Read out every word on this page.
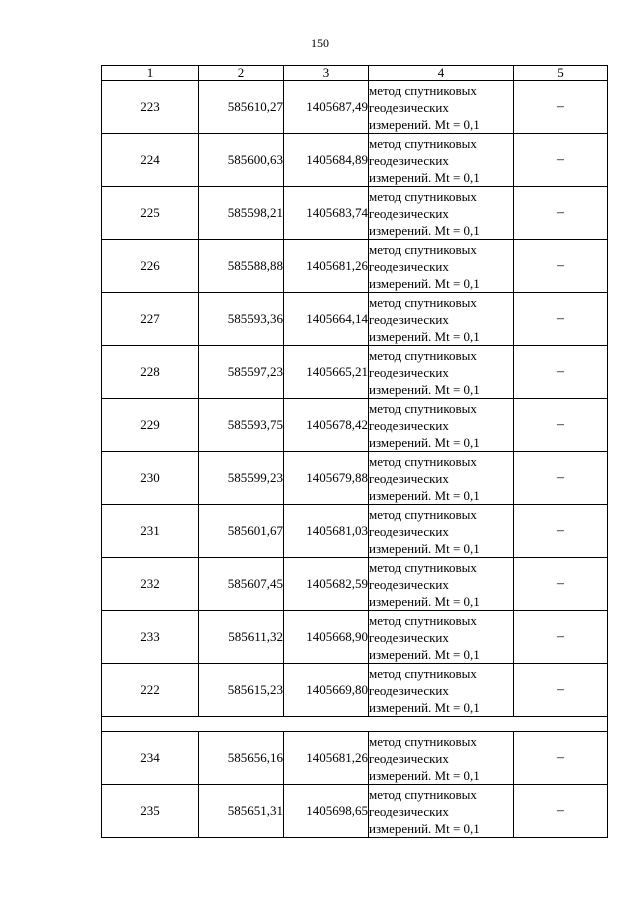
150
1	2	3	4	5
223	585610,27	1405687,49	метод спутниковых геодезических измерений. Mt = 0,1	–
224	585600,63	1405684,89	метод спутниковых геодезических измерений. Mt = 0,1	–
225	585598,21	1405683,74	метод спутниковых геодезических измерений. Mt = 0,1	–
226	585588,88	1405681,26	метод спутниковых геодезических измерений. Mt = 0,1	–
227	585593,36	1405664,14	метод спутниковых геодезических измерений. Mt = 0,1	–
228	585597,23	1405665,21	метод спутниковых геодезических измерений. Mt = 0,1	–
229	585593,75	1405678,42	метод спутниковых геодезических измерений. Mt = 0,1	–
230	585599,23	1405679,88	метод спутниковых геодезических измерений. Mt = 0,1	–
231	585601,67	1405681,03	метод спутниковых геодезических измерений. Mt = 0,1	–
232	585607,45	1405682,59	метод спутниковых геодезических измерений. Mt = 0,1	–
233	585611,32	1405668,90	метод спутниковых геодезических измерений. Mt = 0,1	–
222	585615,23	1405669,80	метод спутниковых геодезических измерений. Mt = 0,1	–

234	585656,16	1405681,26	метод спутниковых геодезических измерений. Mt = 0,1	–
235	585651,31	1405698,65	метод спутниковых геодезических измерений. Mt = 0,1	–
